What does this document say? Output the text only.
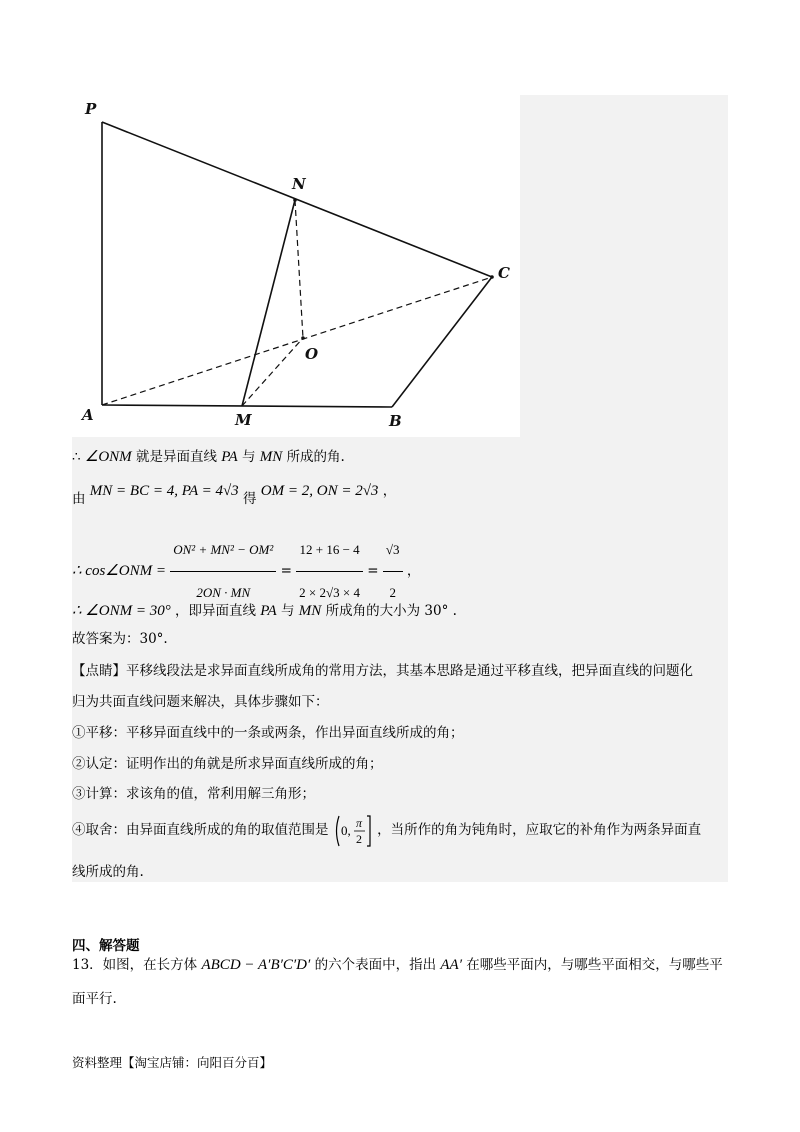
P
N
C
O
A	M	B
∴ ∠ONM 就是异面直线 PA 与 MN 所成的角.
由 MN = BC = 4, PA = 4√3 得 OM = 2, ON = 2√3 ，
∴ cos∠ONM = $\frac{\text{ON² + MN² − OM²}}{2ON \cdot MN} = \frac{12 + 16 - 4}{2 \times 2√3 \times 4} = \frac{√3}{2}$ ，
∴ ∠ONM = 30° ，即异面直线 PA 与 MN 所成角的大小为 30° .
故答案为：30°.
【点睛】平移线段法是求异面直线所成角的常用方法，其基本思路是通过平移直线，把异面直线的问题化
归为共面直线问题来解决，具体步骤如下：
①平移：平移异面直线中的一条或两条，作出异面直线所成的角；
②认定：证明作出的角就是所求异面直线所成的角；
③计算：求该角的值，常利用解三角形；
④取舍：由异面直线所成的角的取值范围是 0, π
2
，当所作的角为钝角时，应取它的补角作为两条异面直
线所成的角.
四、解答题
13．如图，在长方体 ABCD − A′B′C′D′ 的六个表面中，指出 AA′ 在哪些平面内，与哪些平面相交，与哪些平
面平行.
资料整理【淘宝店铺：向阳百分百】
